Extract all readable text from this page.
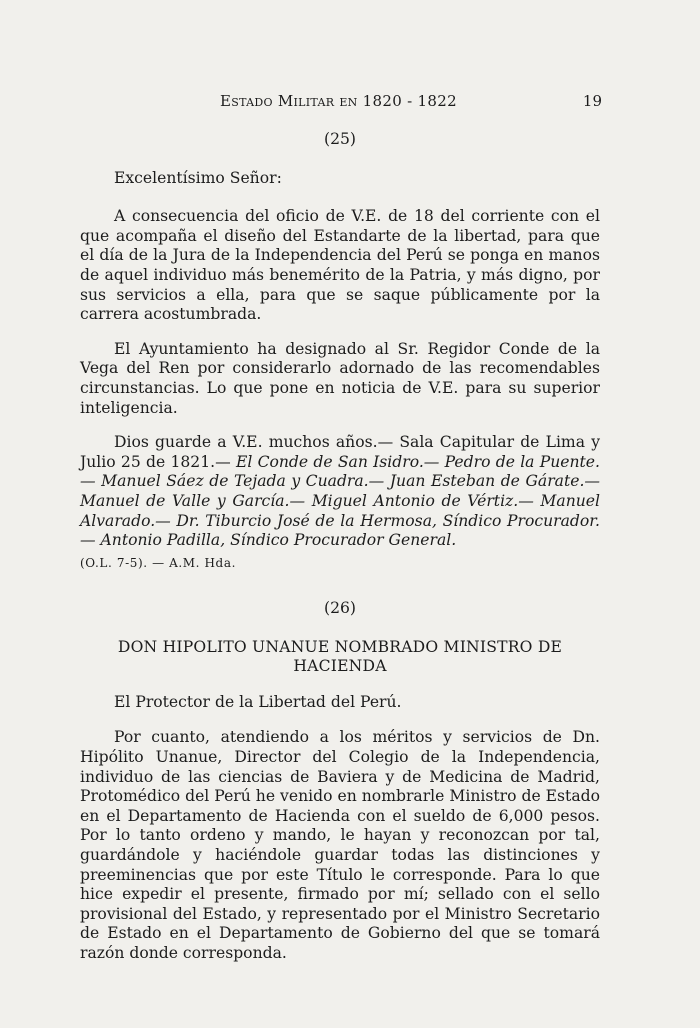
Estado Militar en 1820 - 1822	19
(25)
Excelentísimo Señor:

A consecuencia del oficio de V.E. de 18 del corriente con el que acompaña el diseño del Estandarte de la libertad, para que el día de la Jura de la Independencia del Perú se ponga en manos de aquel individuo más benemérito de la Patria, y más digno, por sus servicios a ella, para que se saque públicamente por la carrera acostumbrada.

El Ayuntamiento ha designado al Sr. Regidor Conde de la Vega del Ren por considerarlo adornado de las recomendables circunstancias. Lo que pone en noticia de V.E. para su superior inteligencia.

Dios guarde a V.E. muchos años.— Sala Capitular de Lima y Julio 25 de 1821.— El Conde de San Isidro.— Pedro de la Puente. — Manuel Sáez de Tejada y Cuadra.— Juan Esteban de Gárate.— Manuel de Valle y García.— Miguel Antonio de Vértiz.— Manuel Alvarado.— Dr. Tiburcio José de la Hermosa, Síndico Procurador.— Antonio Padilla, Síndico Procurador General.

(O.L. 7-5). — A.M. Hda.
(26)
DON HIPOLITO UNANUE NOMBRADO MINISTRO DE
HACIENDA
El Protector de la Libertad del Perú.

Por cuanto, atendiendo a los méritos y servicios de Dn. Hipólito Unanue, Director del Colegio de la Independencia, individuo de las ciencias de Baviera y de Medicina de Madrid, Protomédico del Perú he venido en nombrarle Ministro de Estado en el Departamento de Hacienda con el sueldo de 6,000 pesos. Por lo tanto ordeno y mando, le hayan y reconozcan por tal, guardándole y haciéndole guardar todas las distinciones y preeminencias que por este Título le corresponde. Para lo que hice expedir el presente, firmado por mí; sellado con el sello provisional del Estado, y representado por el Ministro Secretario de Estado en el Departamento de Gobierno del que se tomará razón donde corresponda.
